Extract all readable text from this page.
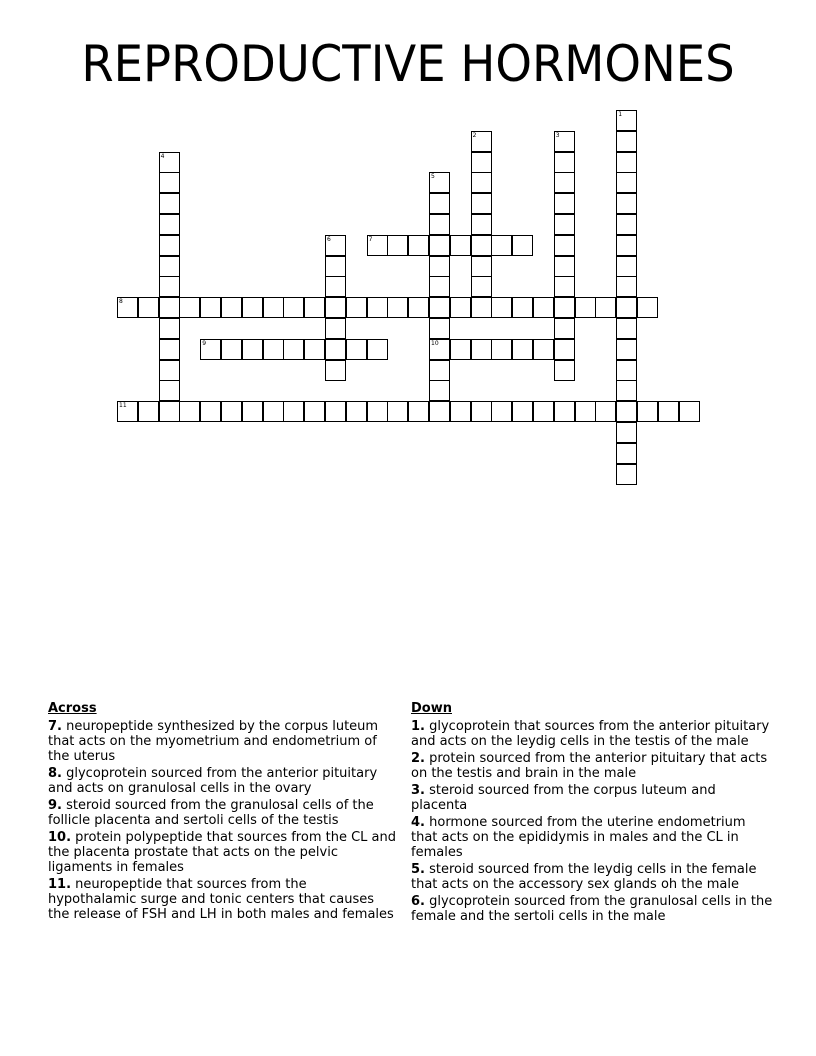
REPRODUCTIVE HORMONES
1
2	3
4
5
10
6	7
8
9
11
Across
7. neuropeptide synthesized by the corpus luteum that acts on the myometrium and endometrium of the uterus
8. glycoprotein sourced from the anterior pituitary and acts on granulosal cells in the ovary
9. steroid sourced from the granulosal cells of the follicle placenta and sertoli cells of the testis
10. protein polypeptide that sources from the CL and the placenta prostate that acts on the pelvic ligaments in females
11. neuropeptide that sources from the hypothalamic surge and tonic centers that causes the release of FSH and LH in both males and females
Down
1. glycoprotein that sources from the anterior pituitary and acts on the leydig cells in the testis of the male
2. protein sourced from the anterior pituitary that acts on the testis and brain in the male
3. steroid sourced from the corpus luteum and placenta
4. hormone sourced from the uterine endometrium that acts on the epididymis in males and the CL in females
5. steroid sourced from the leydig cells in the female that acts on the accessory sex glands oh the male
6. glycoprotein sourced from the granulosal cells in the female and the sertoli cells in the male
